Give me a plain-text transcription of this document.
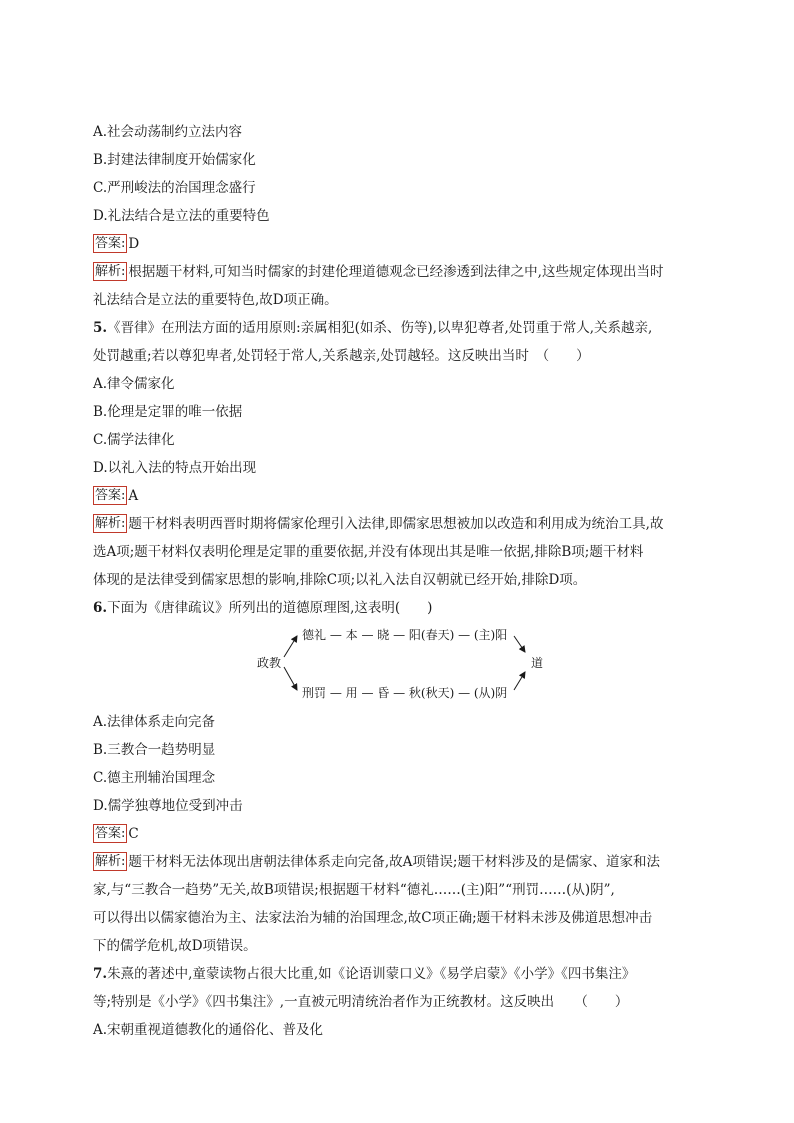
A.社会动荡制约立法内容
B.封建法律制度开始儒家化
C.严刑峻法的治国理念盛行
D.礼法结合是立法的重要特色
答案: D
解析: 根据题干材料,可知当时儒家的封建伦理道德观念已经渗透到法律之中,这些规定体现出当时
礼法结合是立法的重要特色,故D项正确。
5.《晋律》在刑法方面的适用原则:亲属相犯(如杀、伤等),以卑犯尊者,处罚重于常人,关系越亲,
处罚越重;若以尊犯卑者,处罚轻于常人,关系越亲,处罚越轻。这反映出当时　（　　）
A.律令儒家化
B.伦理是定罪的唯一依据
C.儒学法律化
D.以礼入法的特点开始出现
答案: A
解析: 题干材料表明西晋时期将儒家伦理引入法律,即儒家思想被加以改造和利用成为统治工具,故
选A项;题干材料仅表明伦理是定罪的重要依据,并没有体现出其是唯一依据,排除B项;题干材料
体现的是法律受到儒家思想的影响,排除C项;以礼入法自汉朝就已经开始,排除D项。
6.下面为《唐律疏议》所列出的道德原理图,这表明(　　)
政教
德礼 — 本 — 晓 — 阳(春天) — (主)阳
刑罚 — 用 — 昏 — 秋(秋天) — (从)阴
道
A.法律体系走向完备
B.三教合一趋势明显
C.德主刑辅治国理念
D.儒学独尊地位受到冲击
答案: C
解析: 题干材料无法体现出唐朝法律体系走向完备,故A项错误;题干材料涉及的是儒家、道家和法
家,与“三教合一趋势”无关,故B项错误;根据题干材料“德礼……(主)阳”“刑罚……(从)阴”,
可以得出以儒家德治为主、法家法治为辅的治国理念,故C项正确;题干材料未涉及佛道思想冲击
下的儒学危机,故D项错误。
7.朱熹的著述中,童蒙读物占很大比重,如《论语训蒙口义》《易学启蒙》《小学》《四书集注》
等;特别是《小学》《四书集注》,一直被元明清统治者作为正统教材。这反映出　　（　　）
A.宋朝重视道德教化的通俗化、普及化
